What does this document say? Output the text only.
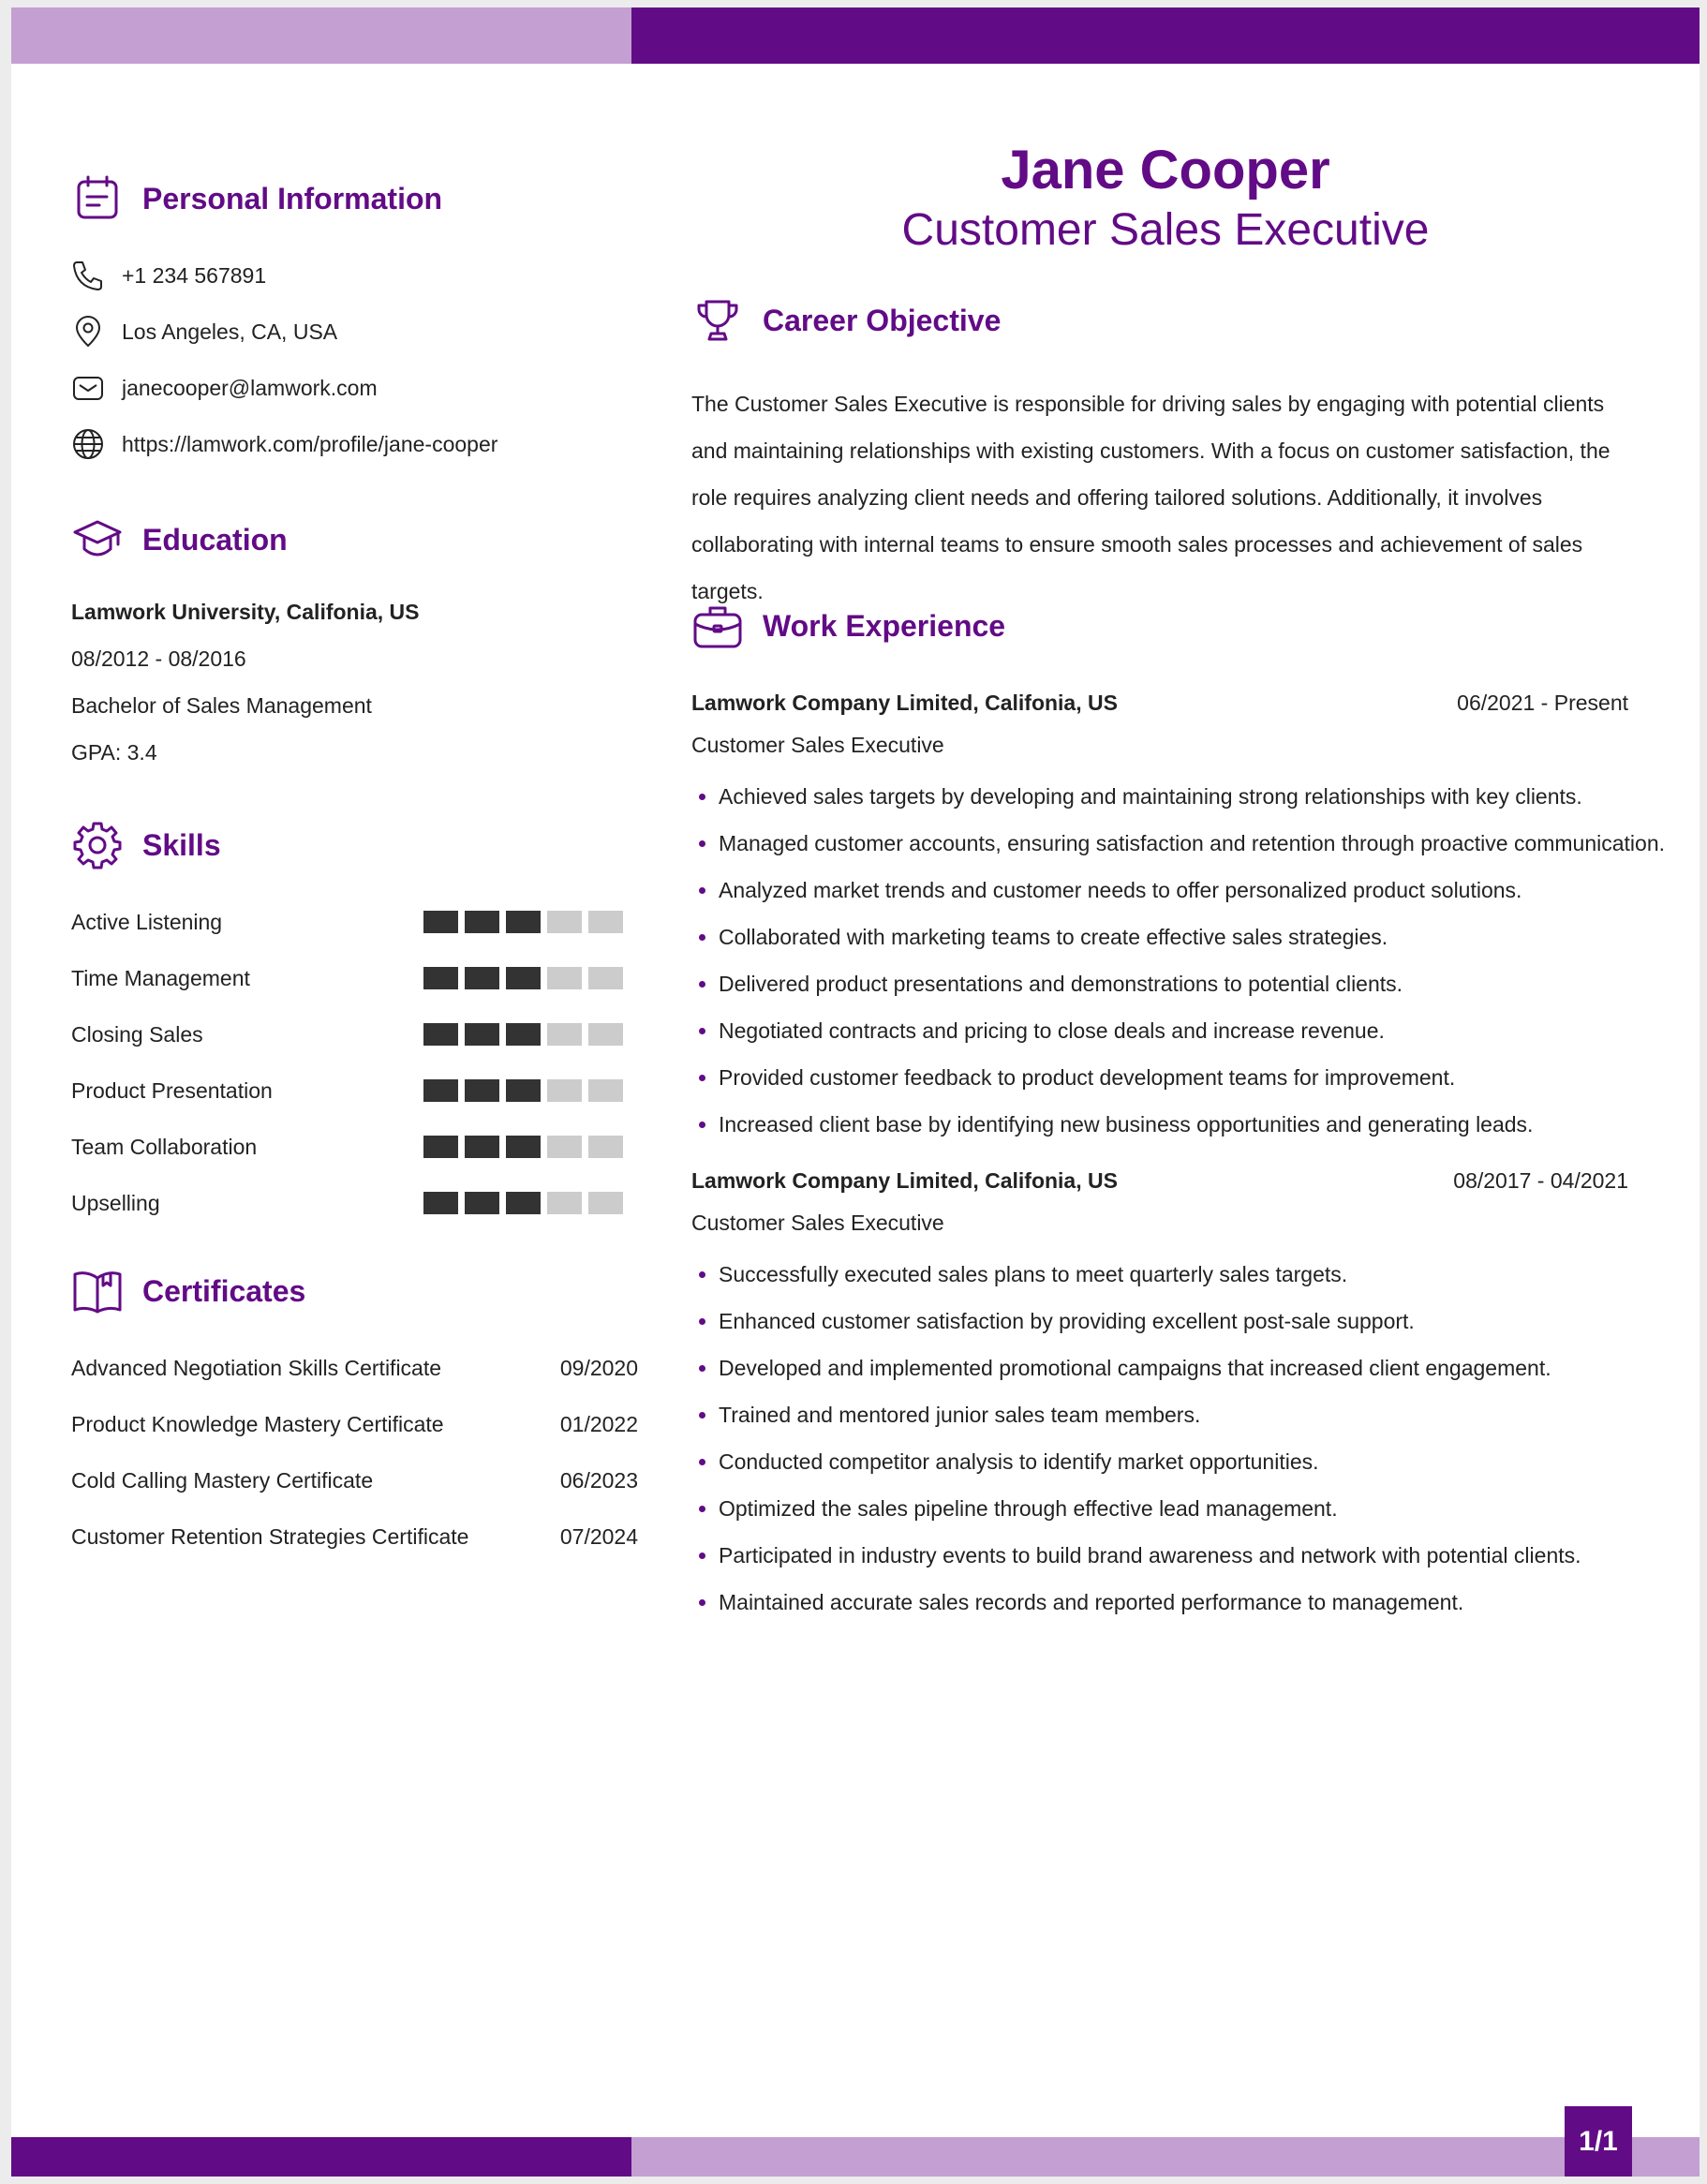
Personal Information
+1 234 567891
Los Angeles, CA, USA
janecooper@lamwork.com
https://lamwork.com/profile/jane-cooper
Education
Lamwork University, Califonia, US
08/2012 - 08/2016
Bachelor of Sales Management
GPA: 3.4
Skills
Active Listening
Time Management
Closing Sales
Product Presentation
Team Collaboration
Upselling
Certificates
Advanced Negotiation Skills Certificate	09/2020
Product Knowledge Mastery Certificate	01/2022
Cold Calling Mastery Certificate	06/2023
Customer Retention Strategies Certificate	07/2024
Jane Cooper
Customer Sales Executive
Career Objective
The Customer Sales Executive is responsible for driving sales by engaging with potential clients and maintaining relationships with existing customers. With a focus on customer satisfaction, the role requires analyzing client needs and offering tailored solutions. Additionally, it involves collaborating with internal teams to ensure smooth sales processes and achievement of sales targets.
Work Experience
Lamwork Company Limited, Califonia, US	06/2021 - Present
Customer Sales Executive
Achieved sales targets by developing and maintaining strong relationships with key clients.
Managed customer accounts, ensuring satisfaction and retention through proactive communication.
Analyzed market trends and customer needs to offer personalized product solutions.
Collaborated with marketing teams to create effective sales strategies.
Delivered product presentations and demonstrations to potential clients.
Negotiated contracts and pricing to close deals and increase revenue.
Provided customer feedback to product development teams for improvement.
Increased client base by identifying new business opportunities and generating leads.
Lamwork Company Limited, Califonia, US	08/2017 - 04/2021
Customer Sales Executive
Successfully executed sales plans to meet quarterly sales targets.
Enhanced customer satisfaction by providing excellent post-sale support.
Developed and implemented promotional campaigns that increased client engagement.
Trained and mentored junior sales team members.
Conducted competitor analysis to identify market opportunities.
Optimized the sales pipeline through effective lead management.
Participated in industry events to build brand awareness and network with potential clients.
Maintained accurate sales records and reported performance to management.
1/1
